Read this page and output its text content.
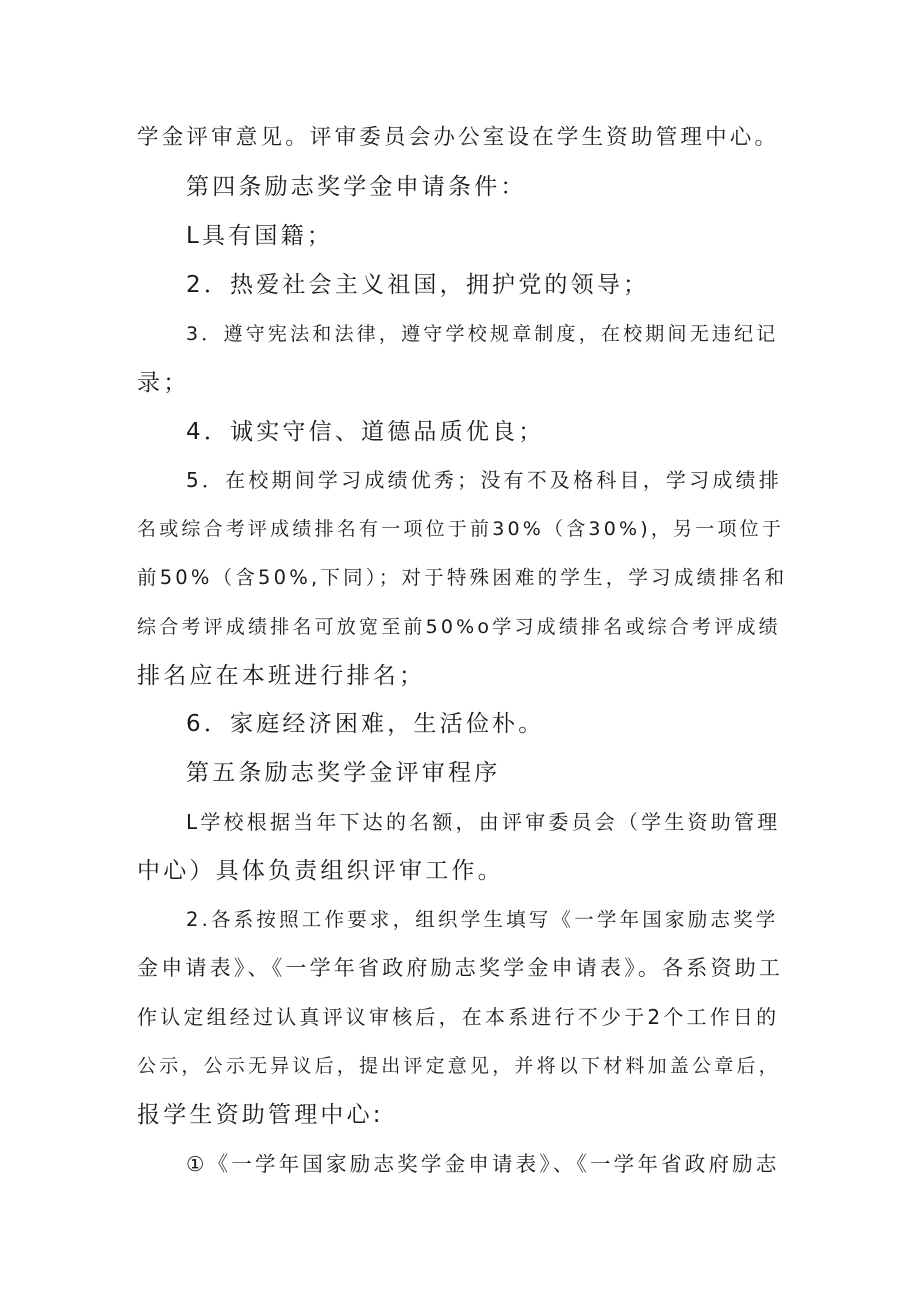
学金评审意见。评审委员会办公室设在学生资助管理中心。
第四条励志奖学金申请条件：
L具有国籍；
2．热爱社会主义祖国，拥护党的领导；
3．遵守宪法和法律，遵守学校规章制度，在校期间无违纪记
录；
4．诚实守信、道德品质优良；
5．在校期间学习成绩优秀；没有不及格科目，学习成绩排
名或综合考评成绩排名有一项位于前30%（含30%)，另一项位于
前50%（含50%,下同）；对于特殊困难的学生，学习成绩排名和
综合考评成绩排名可放宽至前50%o学习成绩排名或综合考评成绩
排名应在本班进行排名；
6．家庭经济困难，生活俭朴。
第五条励志奖学金评审程序
L学校根据当年下达的名额，由评审委员会（学生资助管理
中心）具体负责组织评审工作。
2.各系按照工作要求，组织学生填写《一学年国家励志奖学
金申请表》、《一学年省政府励志奖学金申请表》。各系资助工
作认定组经过认真评议审核后，在本系进行不少于2个工作日的
公示，公示无异议后，提出评定意见，并将以下材料加盖公章后，
报学生资助管理中心:
①《一学年国家励志奖学金申请表》、《一学年省政府励志
